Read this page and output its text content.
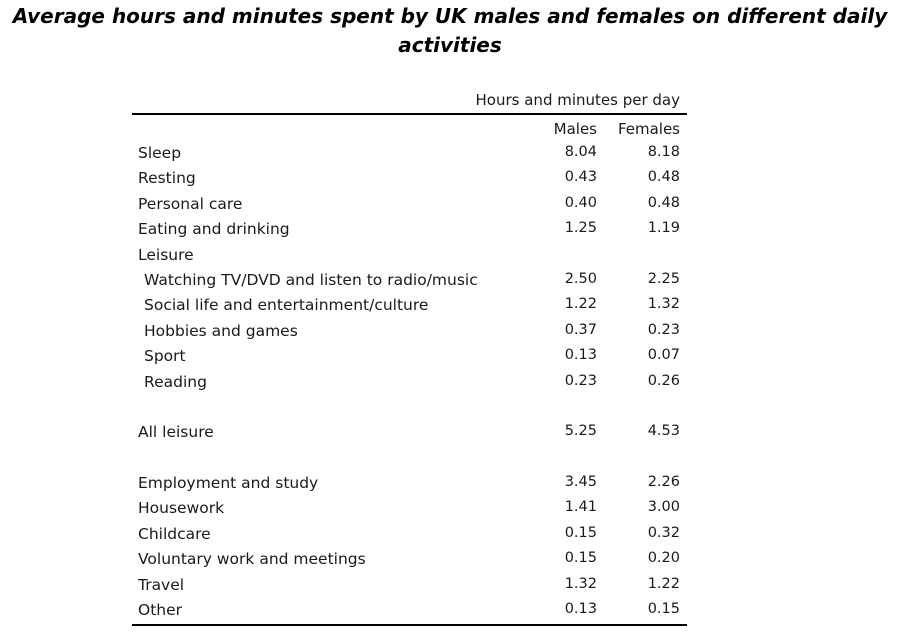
Average hours and minutes spent by UK males and females on different daily activities
Hours and minutes per day
Males Females
Sleep	8.04	8.18
Resting	0.43	0.48
Personal care	0.40	0.48
Eating and drinking	1.25	1.19
Leisure
Watching TV/DVD and listen to radio/music	2.50	2.25
Social life and entertainment/culture	1.22	1.32
Hobbies and games	0.37	0.23
Sport	0.13	0.07
Reading	0.23	0.26
All leisure	5.25	4.53
Employment and study	3.45	2.26
Housework	1.41	3.00
Childcare	0.15	0.32
Voluntary work and meetings	0.15	0.20
Travel	1.32	1.22
Other	0.13	0.15
